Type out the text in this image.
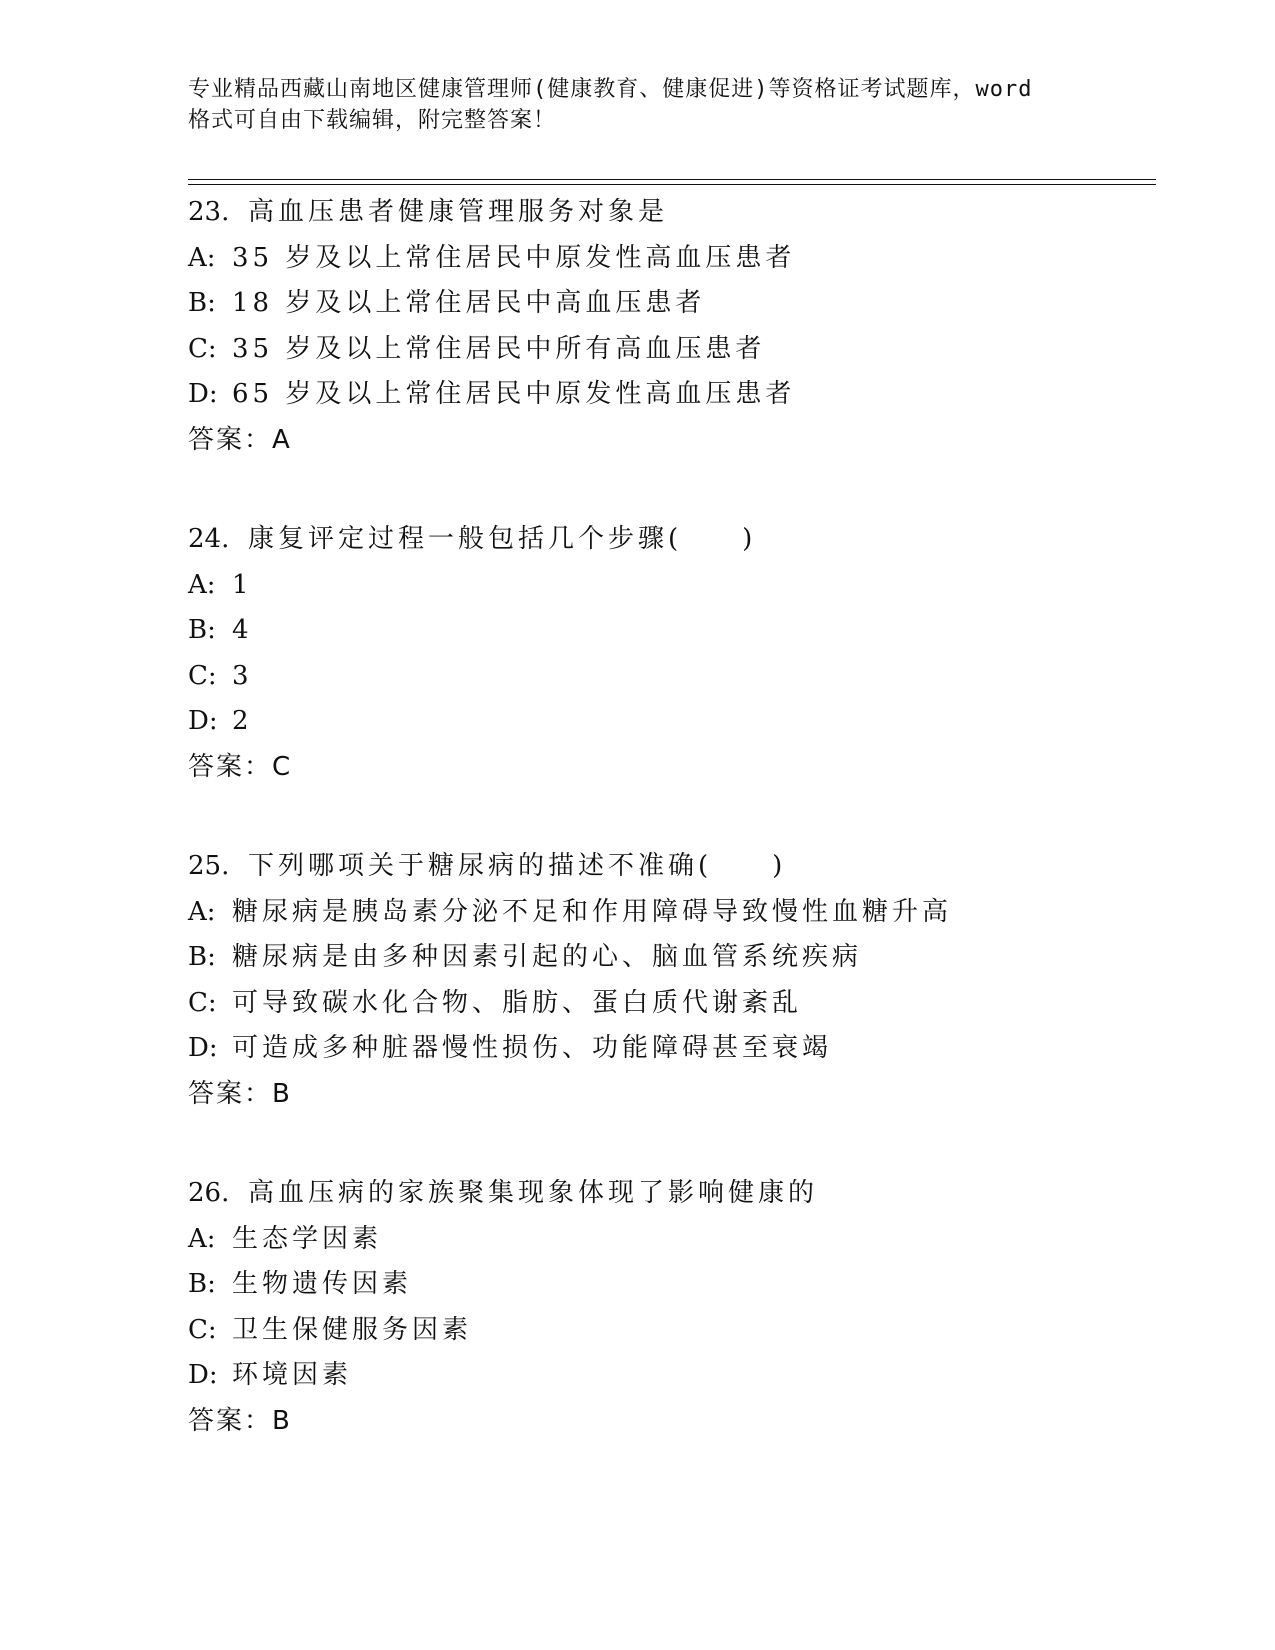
专业精品西藏山南地区健康管理师(健康教育、健康促进)等资格证考试题库，word
格式可自由下载编辑，附完整答案！
23. 高血压患者健康管理服务对象是
A: 35 岁及以上常住居民中原发性高血压患者
B: 18 岁及以上常住居民中高血压患者
C: 35 岁及以上常住居民中所有高血压患者
D: 65 岁及以上常住居民中原发性高血压患者
答案：A
24. 康复评定过程一般包括几个步骤(　　)
A: 1
B: 4
C: 3
D: 2
答案：C
25. 下列哪项关于糖尿病的描述不准确(　　)
A: 糖尿病是胰岛素分泌不足和作用障碍导致慢性血糖升高
B: 糖尿病是由多种因素引起的心、脑血管系统疾病
C: 可导致碳水化合物、脂肪、蛋白质代谢紊乱
D: 可造成多种脏器慢性损伤、功能障碍甚至衰竭
答案：B
26. 高血压病的家族聚集现象体现了影响健康的
A: 生态学因素
B: 生物遗传因素
C: 卫生保健服务因素
D: 环境因素
答案：B
